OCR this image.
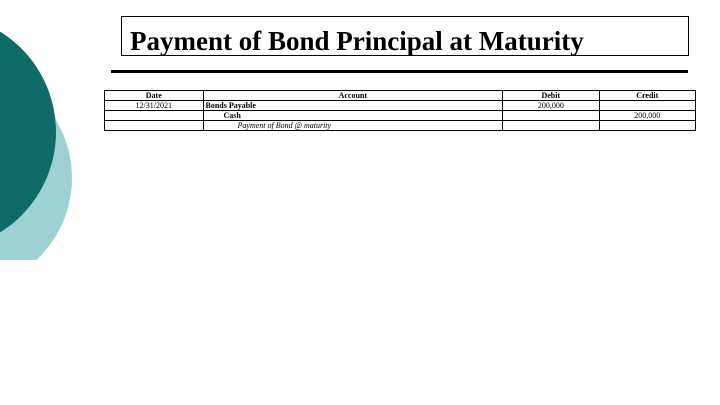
Payment of Bond Principal at Maturity
Date	Account	Debit	Credit
12/31/2021	Bonds Payable	200,000	
	Cash		200,000
	Payment of Bond @ maturity		
